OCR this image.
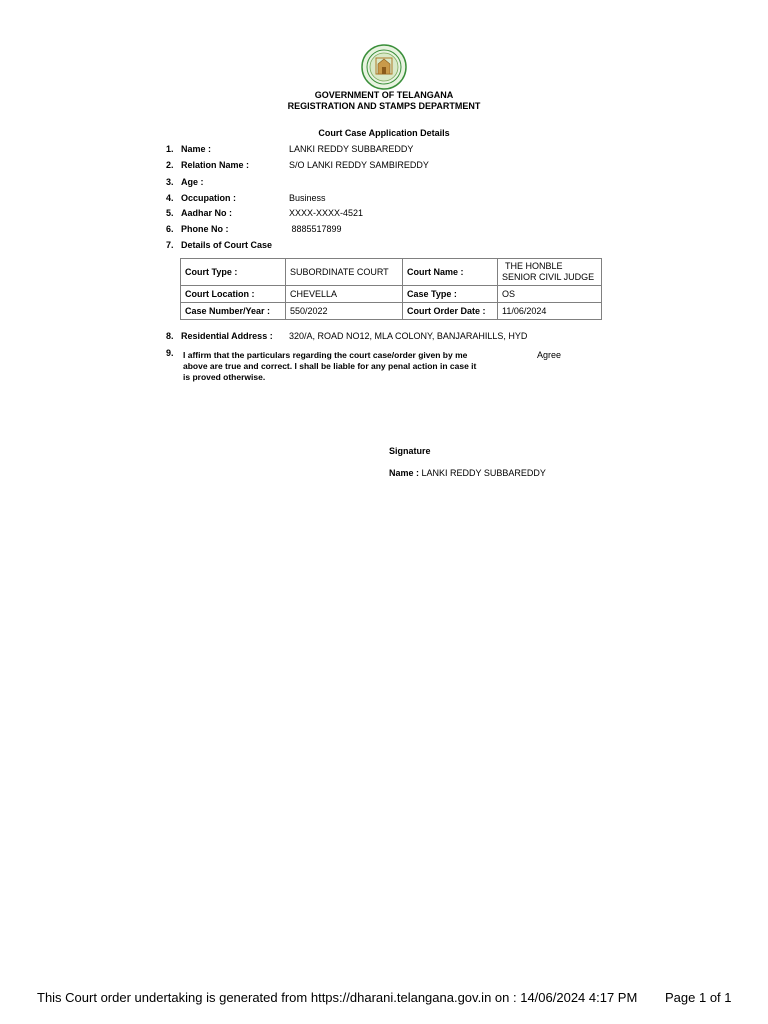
GOVERNMENT OF TELANGANA
REGISTRATION AND STAMPS DEPARTMENT
Court Case Application Details
1. Name :	LANKI REDDY SUBBAREDDY
2. Relation Name :	S/O LANKI REDDY SAMBIREDDY
3. Age :
4. Occupation :	Business
5. Aadhar No :	XXXX-XXXX-4521
6. Phone No :	8885517899
7. Details of Court Case
Court Type :	SUBORDINATE COURT	Court Name :	THE HONBLE
SENIOR CIVIL JUDGE

Court Location :	CHEVELLA	Case Type :	OS
Case Number/Year :	550/2022	Court Order Date :	11/06/2024
8. Residential Address : 320/A, ROAD NO12, MLA COLONY, BANJARAHILLS, HYD
9.	I affirm that the particulars regarding the court case/order given by me above are true and correct. I shall be liable for any penal action in case it is proved otherwise.
Agree
Signature
Name : LANKI REDDY SUBBAREDDY
This Court order undertaking is generated from https://dharani.telangana.gov.in on : 14/06/2024 4:17 PM Page 1 of 1
